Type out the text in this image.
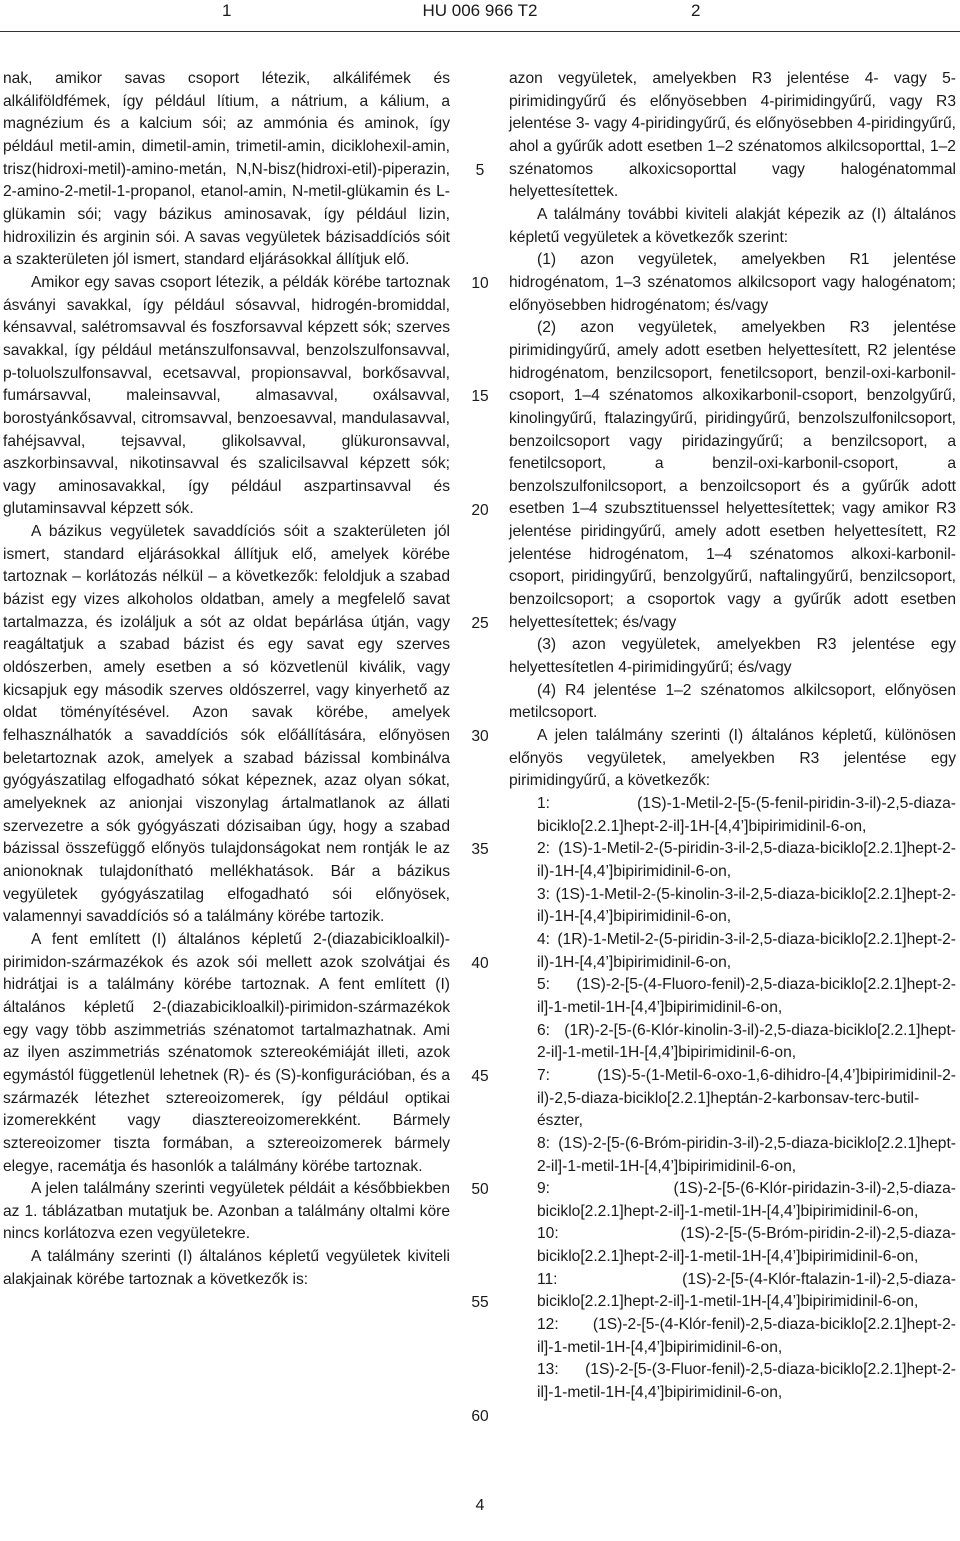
1	HU 006 966 T2	2

nak, amikor savas csoport létezik, alkálifémek és alkáliföldfémek, így például lítium, a nátrium, a kálium, a magnézium és a kalcium sói; az ammónia és aminok, így például metil-amin, dimetil-amin, trimetil-amin, diciklohexil-amin, trisz(hidroxi-metil)-amino-metán, N,N-bisz(hidroxi-etil)-piperazin, 2-amino-2-metil-1-propanol, etanol-amin, N-metil-glükamin és L-glükamin sói; vagy bázikus aminosavak, így például lizin, hidroxilizin és arginin sói. A savas vegyületek bázisaddíciós sóit a szakterületen jól ismert, standard eljárásokkal állítjuk elő.

Amikor egy savas csoport létezik, a példák körébe tartoznak ásványi savakkal, így például sósavval, hidrogén-bromiddal, kénsavval, salétromsavval és foszforsavval képzett sók; szerves savakkal, így például metánszulfonsavval, benzolszulfonsavval, p-toluolszulfonsavval, ecetsavval, propionsavval, borkősavval, fumársavval, maleinsavval, almasavval, oxálsavval, borostyánkősavval, citromsavval, benzoesavval, mandulasavval, fahéjsavval, tejsavval, glikolsavval, glükuronsavval, aszkorbinsavval, nikotinsavval és szalicilsavval képzett sók; vagy aminosavakkal, így például aszpartinsavval és glutaminsavval képzett sók.

A bázikus vegyületek savaddíciós sóit a szakterületen jól ismert, standard eljárásokkal állítjuk elő, amelyek körébe tartoznak – korlátozás nélkül – a következők: feloldjuk a szabad bázist egy vizes alkoholos oldatban, amely a megfelelő savat tartalmazza, és izoláljuk a sót az oldat bepárlása útján, vagy reagáltatjuk a szabad bázist és egy savat egy szerves oldószerben, amely esetben a só közvetlenül kiválik, vagy kicsapjuk egy második szerves oldószerrel, vagy kinyerhető az oldat töményítésével. Azon savak körébe, amelyek felhasználhatók a savaddíciós sók előállítására, előnyösen beletartoznak azok, amelyek a szabad bázissal kombinálva gyógyászatilag elfogadható sókat képeznek, azaz olyan sókat, amelyeknek az anionjai viszonylag ártalmatlanok az állati szervezetre a sók gyógyászati dózisaiban úgy, hogy a szabad bázissal összefüggő előnyös tulajdonságokat nem rontják le az anionoknak tulajdonítható mellékhatások. Bár a bázikus vegyületek gyógyászatilag elfogadható sói előnyösek, valamennyi savaddíciós só a találmány körébe tartozik.

A fent említett (I) általános képletű 2-(diazabicikloalkil)-pirimidon-származékok és azok sói mellett azok szolvátjai és hidrátjai is a találmány körébe tartoznak. A fent említett (I) általános képletű 2-(diazabicikloalkil)-pirimidon-származékok egy vagy több aszimmetriás szénatomot tartalmazhatnak. Ami az ilyen aszimmetriás szénatomok sztereokémiáját illeti, azok egymástól függetlenül lehetnek (R)- és (S)-konfigurációban, és a származék létezhet sztereoizomerek, így például optikai izomerekként vagy diasztereoizomerekként. Bármely sztereoizomer tiszta formában, a sztereoizomerek bármely elegye, racemátja és hasonlók a találmány körébe tartoznak.

A jelen találmány szerinti vegyületek példáit a későbbiekben az 1. táblázatban mutatjuk be. Azonban a találmány oltalmi köre nincs korlátozva ezen vegyületekre.

A találmány szerinti (I) általános képletű vegyületek kiviteli alakjainak körébe tartoznak a következők is:

5
10
15
20
25
30
35
40
45
50
55
60

azon vegyületek, amelyekben R3 jelentése 4- vagy 5-pirimidingyűrű és előnyösebben 4-pirimidingyűrű, vagy R3 jelentése 3- vagy 4-piridingyűrű, és előnyösebben 4-piridingyűrű, ahol a gyűrűk adott esetben 1–2 szénatomos alkilcsoporttal, 1–2 szénatomos alkoxicsoporttal vagy halogénatommal helyettesítettek.

A találmány további kiviteli alakját képezik az (I) általános képletű vegyületek a következők szerint:

(1) azon vegyületek, amelyekben R1 jelentése hidrogénatom, 1–3 szénatomos alkilcsoport vagy halogénatom; előnyösebben hidrogénatom; és/vagy

(2) azon vegyületek, amelyekben R3 jelentése pirimidingyűrű, amely adott esetben helyettesített, R2 jelentése hidrogénatom, benzilcsoport, fenetilcsoport, benzil-oxi-karbonil-csoport, 1–4 szénatomos alkoxikarbonil-csoport, benzolgyűrű, kinolingyűrű, ftalazingyűrű, piridingyűrű, benzolszulfonilcsoport, benzoilcsoport vagy piridazingyűrű; a benzilcsoport, a fenetilcsoport, a benzil-oxi-karbonil-csoport, a benzolszulfonilcsoport, a benzoilcsoport és a gyűrűk adott esetben 1–4 szubsztituenssel helyettesítettek; vagy amikor R3 jelentése piridingyűrű, amely adott esetben helyettesített, R2 jelentése hidrogénatom, 1–4 szénatomos alkoxi-karbonil-csoport, piridingyűrű, benzolgyűrű, naftalingyűrű, benzilcsoport, benzoilcsoport; a csoportok vagy a gyűrűk adott esetben helyettesítettek; és/vagy

(3) azon vegyületek, amelyekben R3 jelentése egy helyettesítetlen 4-pirimidingyűrű; és/vagy

(4) R4 jelentése 1–2 szénatomos alkilcsoport, előnyösen metilcsoport.

A jelen találmány szerinti (I) általános képletű, különösen előnyös vegyületek, amelyekben R3 jelentése egy pirimidingyűrű, a következők:

1: (1S)-1-Metil-2-[5-(5-fenil-piridin-3-il)-2,5-diaza-biciklo[2.2.1]hept-2-il]-1H-[4,4’]bipirimidinil-6-on,

2: (1S)-1-Metil-2-(5-piridin-3-il-2,5-diaza-biciklo[2.2.1]hept-2-il)-1H-[4,4’]bipirimidinil-6-on,

3: (1S)-1-Metil-2-(5-kinolin-3-il-2,5-diaza-biciklo[2.2.1]hept-2-il)-1H-[4,4’]bipirimidinil-6-on,

4: (1R)-1-Metil-2-(5-piridin-3-il-2,5-diaza-biciklo[2.2.1]hept-2-il)-1H-[4,4’]bipirimidinil-6-on,

5: (1S)-2-[5-(4-Fluoro-fenil)-2,5-diaza-biciklo[2.2.1]hept-2-il]-1-metil-1H-[4,4’]bipirimidinil-6-on,

6: (1R)-2-[5-(6-Klór-kinolin-3-il)-2,5-diaza-biciklo[2.2.1]hept-2-il]-1-metil-1H-[4,4’]bipirimidinil-6-on,

7: (1S)-5-(1-Metil-6-oxo-1,6-dihidro-[4,4’]bipirimidinil-2-il)-2,5-diaza-biciklo[2.2.1]heptán-2-karbonsav-terc-butil-észter,

8: (1S)-2-[5-(6-Bróm-piridin-3-il)-2,5-diaza-biciklo[2.2.1]hept-2-il]-1-metil-1H-[4,4’]bipirimidinil-6-on,

9: (1S)-2-[5-(6-Klór-piridazin-3-il)-2,5-diaza-biciklo[2.2.1]hept-2-il]-1-metil-1H-[4,4’]bipirimidinil-6-on,

10: (1S)-2-[5-(5-Bróm-piridin-2-il)-2,5-diaza-biciklo[2.2.1]hept-2-il]-1-metil-1H-[4,4’]bipirimidinil-6-on,

11: (1S)-2-[5-(4-Klór-ftalazin-1-il)-2,5-diaza-biciklo[2.2.1]hept-2-il]-1-metil-1H-[4,4’]bipirimidinil-6-on,

12: (1S)-2-[5-(4-Klór-fenil)-2,5-diaza-biciklo[2.2.1]hept-2-il]-1-metil-1H-[4,4’]bipirimidinil-6-on,

13: (1S)-2-[5-(3-Fluor-fenil)-2,5-diaza-biciklo[2.2.1]hept-2-il]-1-metil-1H-[4,4’]bipirimidinil-6-on,

4
